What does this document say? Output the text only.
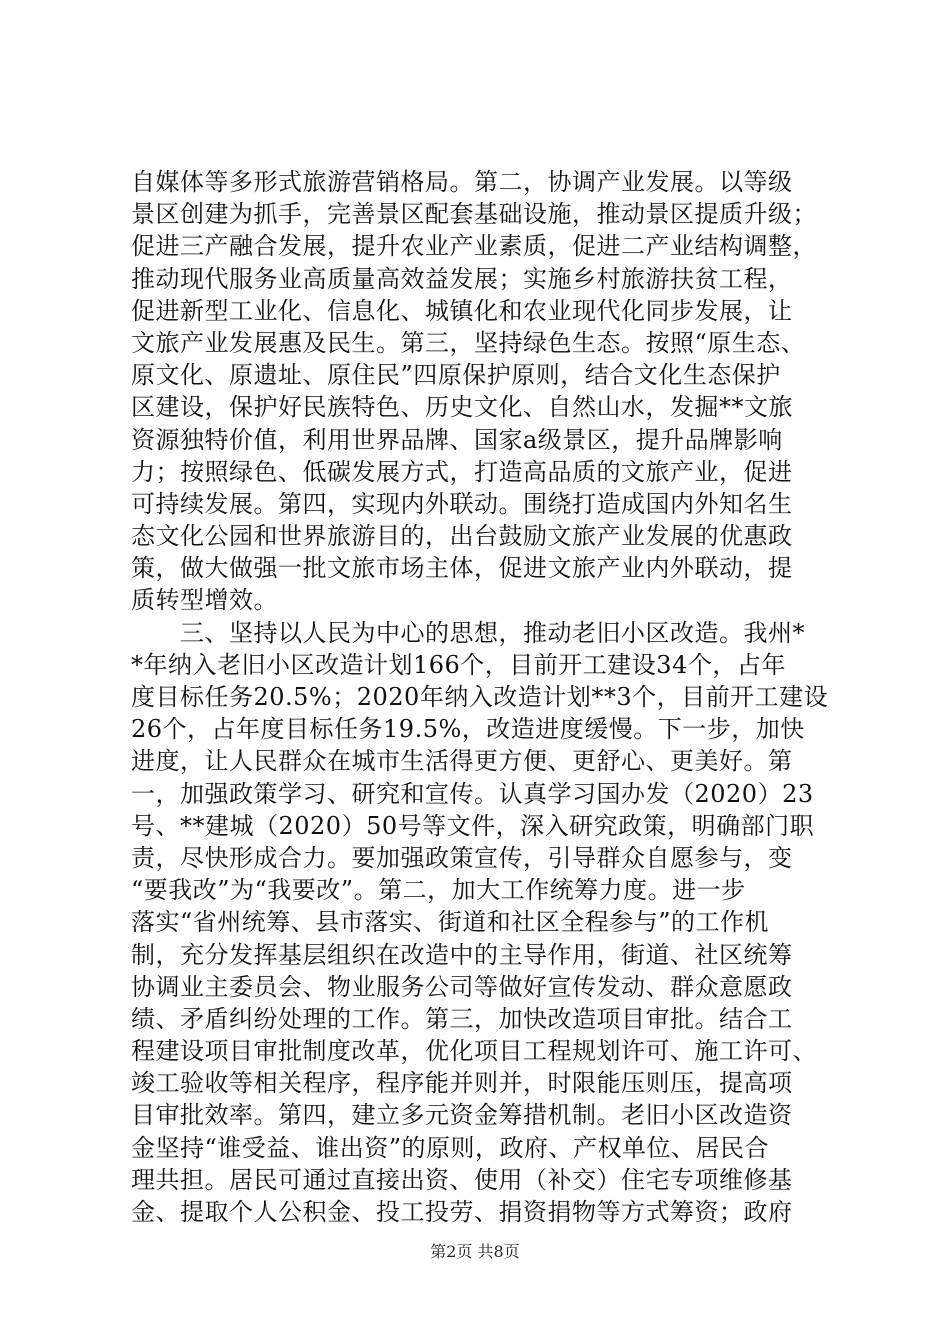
自媒体等多形式旅游营销格局。第二，协调产业发展。以等级
景区创建为抓手，完善景区配套基础设施，推动景区提质升级；
促进三产融合发展，提升农业产业素质，促进二产业结构调整，
推动现代服务业高质量高效益发展；实施乡村旅游扶贫工程，
促进新型工业化、信息化、城镇化和农业现代化同步发展，让
文旅产业发展惠及民生。第三，坚持绿色生态。按照“原生态、
原文化、原遗址、原住民”四原保护原则，结合文化生态保护
区建设，保护好民族特色、历史文化、自然山水，发掘**文旅
资源独特价值，利用世界品牌、国家a级景区，提升品牌影响
力；按照绿色、低碳发展方式，打造高品质的文旅产业，促进
可持续发展。第四，实现内外联动。围绕打造成国内外知名生
态文化公园和世界旅游目的，出台鼓励文旅产业发展的优惠政
策，做大做强一批文旅市场主体，促进文旅产业内外联动，提
质转型增效。
　　三、坚持以人民为中心的思想，推动老旧小区改造。我州*
*年纳入老旧小区改造计划166个，目前开工建设34个，占年
度目标任务20.5%；2020年纳入改造计划**3个，目前开工建设
26个，占年度目标任务19.5%，改造进度缓慢。下一步，加快
进度，让人民群众在城市生活得更方便、更舒心、更美好。第
一，加强政策学习、研究和宣传。认真学习国办发（2020）23
号、**建城（2020）50号等文件，深入研究政策，明确部门职
责，尽快形成合力。要加强政策宣传，引导群众自愿参与，变
“要我改”为“我要改”。第二，加大工作统筹力度。进一步
落实“省州统筹、县市落实、街道和社区全程参与”的工作机
制，充分发挥基层组织在改造中的主导作用，街道、社区统筹
协调业主委员会、物业服务公司等做好宣传发动、群众意愿政
绩、矛盾纠纷处理的工作。第三，加快改造项目审批。结合工
程建设项目审批制度改革，优化项目工程规划许可、施工许可、
竣工验收等相关程序，程序能并则并，时限能压则压，提高项
目审批效率。第四，建立多元资金筹措机制。老旧小区改造资
金坚持“谁受益、谁出资”的原则，政府、产权单位、居民合
理共担。居民可通过直接出资、使用（补交）住宅专项维修基
金、提取个人公积金、投工投劳、捐资捐物等方式筹资；政府
第2页 共8页
